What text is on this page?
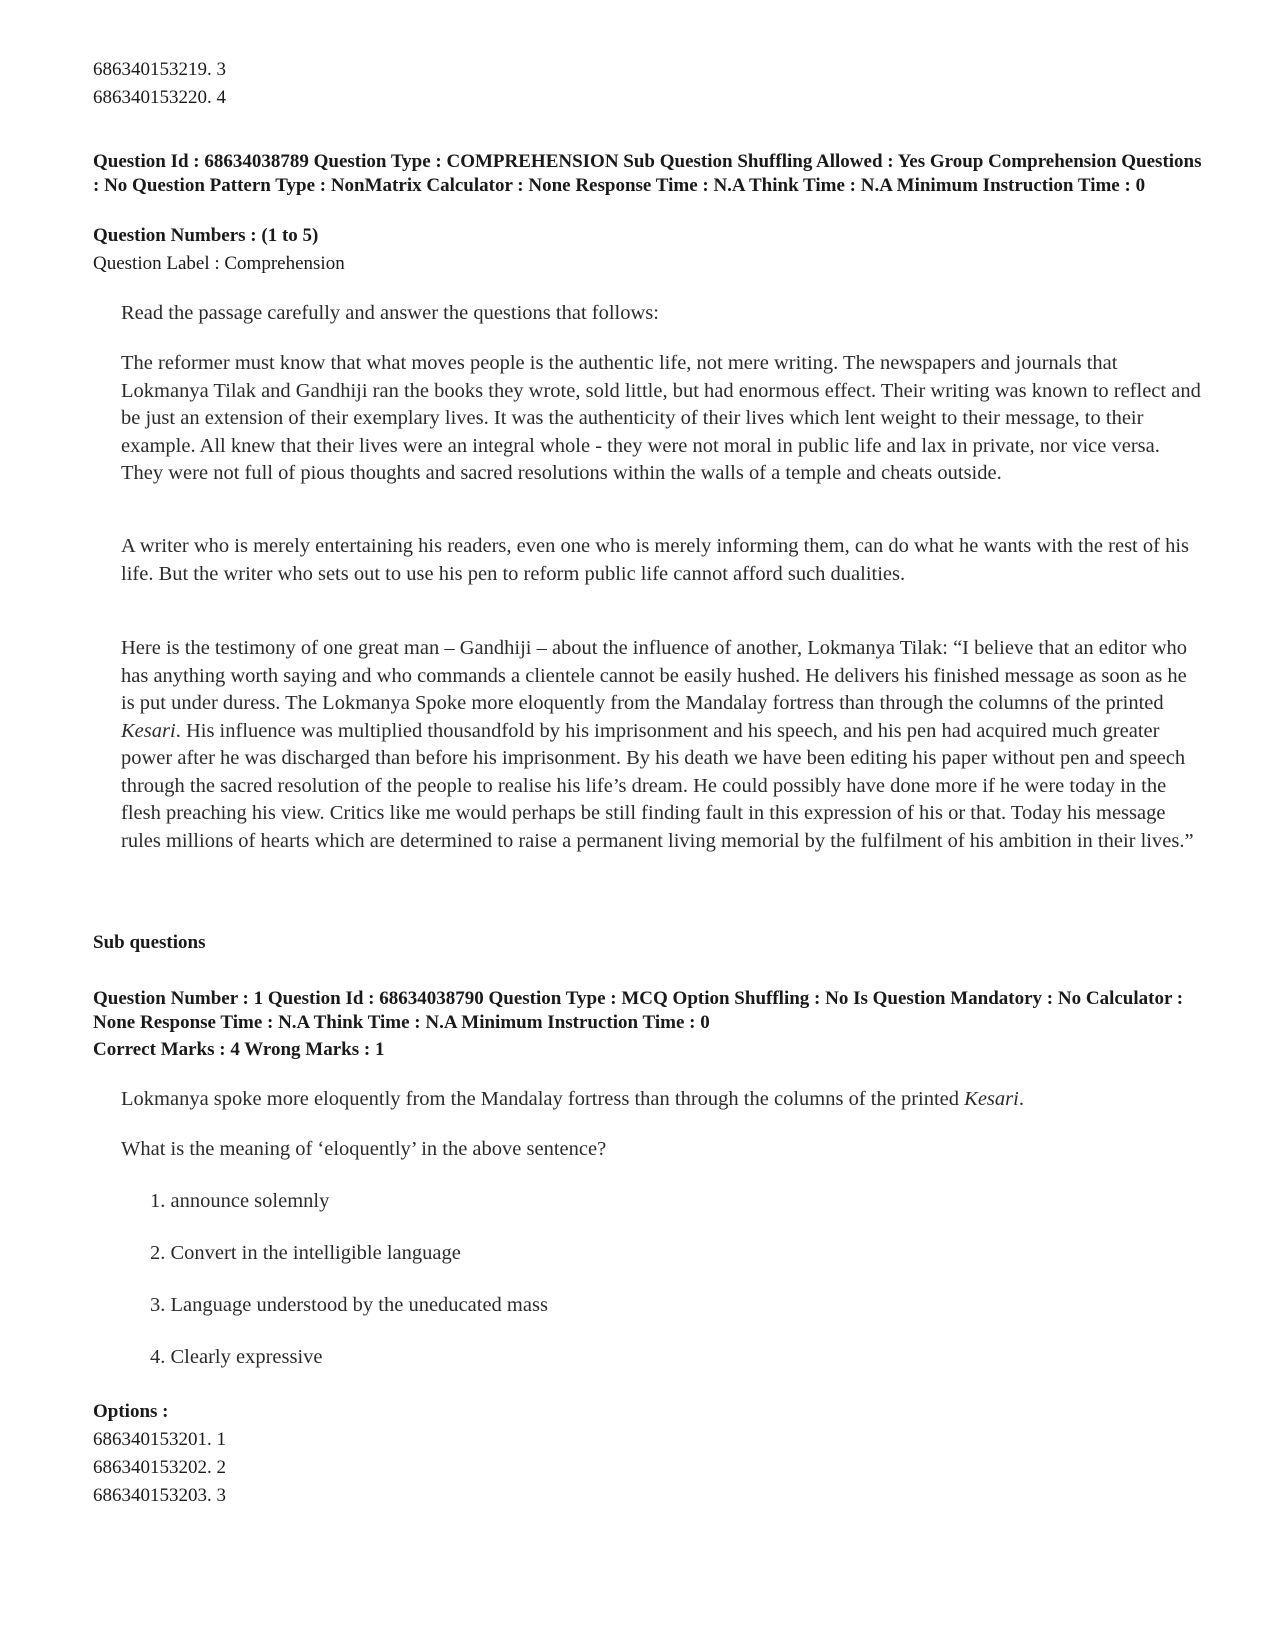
686340153219. 3
686340153220. 4
Question Id : 68634038789 Question Type : COMPREHENSION Sub Question Shuffling Allowed : Yes Group Comprehension Questions : No Question Pattern Type : NonMatrix Calculator : None Response Time : N.A Think Time : N.A Minimum Instruction Time : 0
Question Numbers : (1 to 5)
Question Label : Comprehension

Read the passage carefully and answer the questions that follows:

The reformer must know that what moves people is the authentic life, not mere writing. The newspapers and journals that Lokmanya Tilak and Gandhiji ran the books they wrote, sold little, but had enormous effect. Their writing was known to reflect and be just an extension of their exemplary lives. It was the authenticity of their lives which lent weight to their message, to their example. All knew that their lives were an integral whole - they were not moral in public life and lax in private, nor vice versa. They were not full of pious thoughts and sacred resolutions within the walls of a temple and cheats outside.

A writer who is merely entertaining his readers, even one who is merely informing them, can do what he wants with the rest of his life. But the writer who sets out to use his pen to reform public life cannot afford such dualities.

Here is the testimony of one great man – Gandhiji – about the influence of another, Lokmanya Tilak: “I believe that an editor who has anything worth saying and who commands a clientele cannot be easily hushed. He delivers his finished message as soon as he is put under duress. The Lokmanya Spoke more eloquently from the Mandalay fortress than through the columns of the printed Kesari. His influence was multiplied thousandfold by his imprisonment and his speech, and his pen had acquired much greater power after he was discharged than before his imprisonment. By his death we have been editing his paper without pen and speech through the sacred resolution of the people to realise his life’s dream. He could possibly have done more if he were today in the flesh preaching his view. Critics like me would perhaps be still finding fault in this expression of his or that. Today his message rules millions of hearts which are determined to raise a permanent living memorial by the fulfilment of his ambition in their lives.”

Sub questions
Question Number : 1 Question Id : 68634038790 Question Type : MCQ Option Shuffling : No Is Question Mandatory : No Calculator : None Response Time : N.A Think Time : N.A Minimum Instruction Time : 0
Correct Marks : 4 Wrong Marks : 1
Lokmanya spoke more eloquently from the Mandalay fortress than through the columns of the printed Kesari.
What is the meaning of ‘eloquently’ in the above sentence?
1. announce solemnly
2. Convert in the intelligible language
3. Language understood by the uneducated mass
4. Clearly expressive
Options :
686340153201. 1
686340153202. 2
686340153203. 3
